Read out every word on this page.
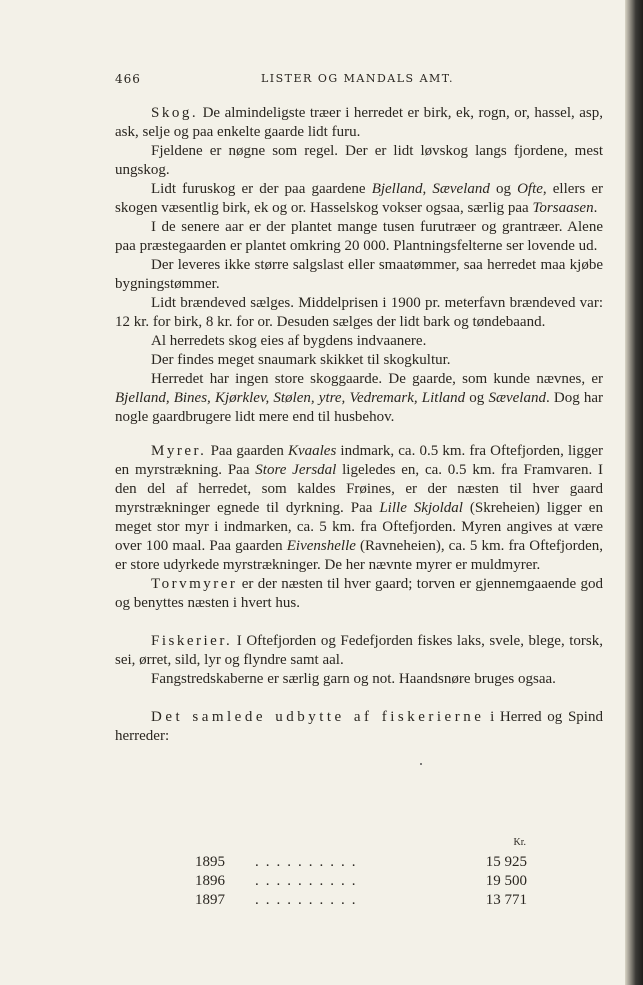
466	LISTER OG MANDALS AMT.

Skog. De almindeligste træer i herredet er birk, ek, rogn, or, hassel, asp, ask, selje og paa enkelte gaarde lidt furu.

Fjeldene er nøgne som regel. Der er lidt løvskog langs fjordene, mest ungskog.

Lidt furuskog er der paa gaardene Bjelland, Sæveland og Ofte, ellers er skogen væsentlig birk, ek og or. Hasselskog vokser ogsaa, særlig paa Torsaasen.

I de senere aar er der plantet mange tusen furutræer og grantræer. Alene paa præstegaarden er plantet omkring 20 000. Plantningsfelterne ser lovende ud.

Der leveres ikke større salgslast eller smaatømmer, saa herredet maa kjøbe bygningstømmer.

Lidt brændeved sælges. Middelprisen i 1900 pr. meterfavn brændeved var: 12 kr. for birk, 8 kr. for or. Desuden sælges der lidt bark og tøndebaand.

Al herredets skog eies af bygdens indvaanere.

Der findes meget snaumark skikket til skogkultur.

Herredet har ingen store skoggaarde. De gaarde, som kunde nævnes, er Bjelland, Bines, Kjørklev, Stølen, ytre, Vedremark, Litland og Sæveland. Dog har nogle gaardbrugere lidt mere end til husbehov.

Myrer. Paa gaarden Kvaales indmark, ca. 0.5 km. fra Oftefjorden, ligger en myrstrækning. Paa Store Jersdal ligeledes en, ca. 0.5 km. fra Framvaren. I den del af herredet, som kaldes Frøines, er der næsten til hver gaard myrstrækninger egnede til dyrkning. Paa Lille Skjoldal (Skreheien) ligger en meget stor myr i indmarken, ca. 5 km. fra Oftefjorden. Myren angives at være over 100 maal. Paa gaarden Eivenshelle (Ravneheien), ca. 5 km. fra Oftefjorden, er store udyrkede myrstrækninger. De her nævnte myrer er muldmyrer.

Torvmyrer er der næsten til hver gaard; torven er gjennemgaaende god og benyttes næsten i hvert hus.

Fiskerier. I Oftefjorden og Fedefjorden fiskes laks, svele, blege, torsk, sei, ørret, sild, lyr og flyndre samt aal.

Fangstredskaberne er særlig garn og not. Haandsnøre bruges ogsaa.

Det samlede udbytte af fiskerierne i Herred og Spind herreder:

		Kr.
1895	..........	15 925
1896	..........	19 500
1897	..........	13 771
